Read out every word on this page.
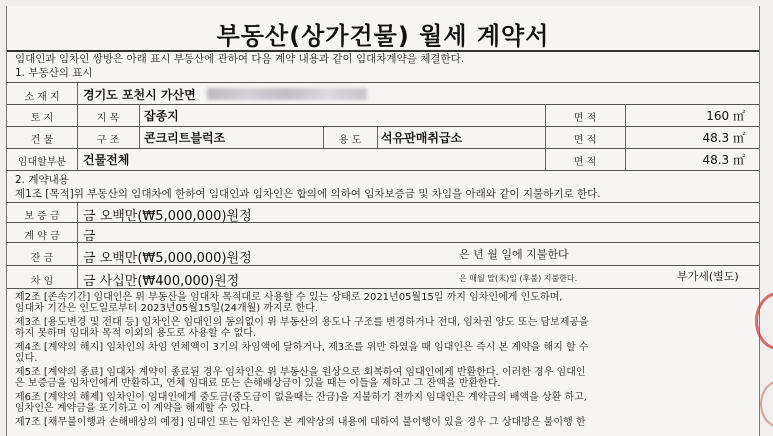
부동산(상가건물) 월세 계약서
임대인과 임차인 쌍방은 아래 표시 부동산에 관하여 다음 계약 내용과 같이 임대차계약을 체결한다.
1. 부동산의 표시
소 재 지	경기도 포천시 가산면
토 지	지 목	잡종지	면 적	160 ㎡
건 물	구 조	콘크리트블럭조	용 도	석유판매취급소	면 적	48.3 ㎡
임대할부분	건물전체	면 적	48.3 ㎡
2. 계약내용
제1조 [목적]위 부동산의 임대차에 한하여 임대인과 임차인은 합의에 의하여 임차보증금 및 차임을 아래와 같이 지불하기로 한다.
보 증 금	금 오백만(₩5,000,000)원정
계 약 금	금
잔 금	금 오백만(₩5,000,000)원정	은 년 월 일에 지불한다
차 임	금 사십만(₩400,000)원정	은 매월 말(末)일 (후불) 지불한다.	부가세(별도)
제2조 [존속기간] 임대인은 위 부동산을 임대차 목적대로 사용할 수 있는 상태로 2021년05월15일 까지 임차인에게 인도하며,
임대차 기간은 인도일로부터 2023년05월15일(24개월) 까지로 한다.
제3조 [용도변경 및 전대 등] 임차인은 임대인의 동의없이 위 부동산의 용도나 구조를 변경하거나 전대, 임차권 양도 또는 담보제공을
하지 못하며 임대차 목적 이외의 용도로 사용할 수 없다.
제4조 [계약의 해지] 임차인의 차임 연체액이 3기의 차임액에 달하거나, 제3조를 위반 하였을 때 임대인은 즉시 본 계약을 해지 할 수
있다.
제5조 [계약의 종료] 임대차 계약이 종료된 경우 임차인은 위 부동산을 원상으로 회복하여 임대인에게 반환한다. 이러한 경우 임대인
은 보증금을 임차인에게 반환하고, 연체 임대료 또는 손해배상금이 있을 때는 이들을 제하고 그 잔액을 반환한다.
제6조 [계약의 해제] 임차인이 임대인에게 중도금(중도금이 없을때는 잔금)을 지불하기 전까지 임대인은 계약금의 배액을 상환 하고,
임차인은 계약금을 포기하고 이 계약을 해제할 수 있다.
제7조 [채무불이행과 손해배상의 예정] 임대인 또는 임차인은 본 계약상의 내용에 대하여 불이행이 있을 경우 그 상대방은 불이행 한
